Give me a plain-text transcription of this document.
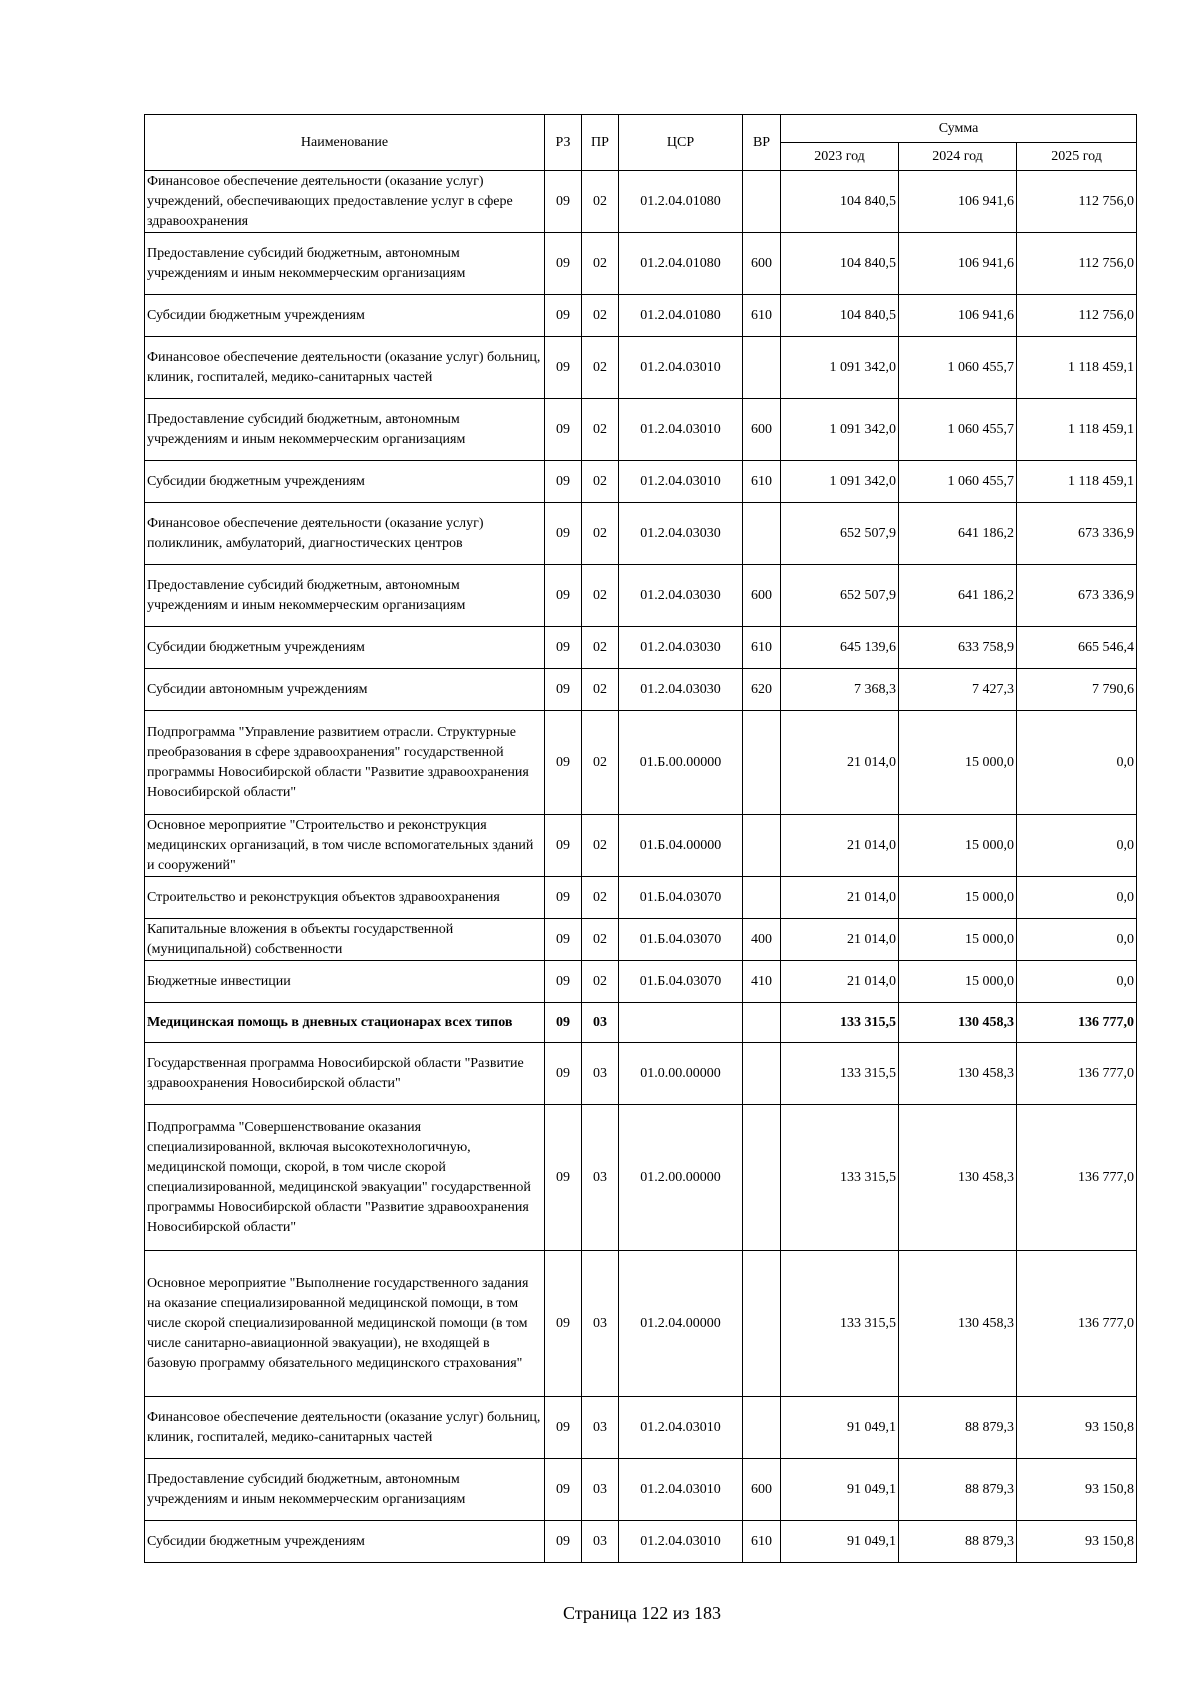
Наименование	РЗ	ПР	ЦСР	ВР	Сумма		
					2023 год	2024 год	2025 год
Финансовое обеспечение деятельности (оказание услуг) учреждений, обеспечивающих предоставление услуг в сфере здравоохранения	09	02	01.2.04.01080		104 840,5	106 941,6	112 756,0
Предоставление субсидий бюджетным, автономным учреждениям и иным некоммерческим организациям	09	02	01.2.04.01080	600	104 840,5	106 941,6	112 756,0
Субсидии бюджетным учреждениям	09	02	01.2.04.01080	610	104 840,5	106 941,6	112 756,0
Финансовое обеспечение деятельности (оказание услуг) больниц, клиник, госпиталей, медико-санитарных частей	09	02	01.2.04.03010		1 091 342,0	1 060 455,7	1 118 459,1
Предоставление субсидий бюджетным, автономным учреждениям и иным некоммерческим организациям	09	02	01.2.04.03010	600	1 091 342,0	1 060 455,7	1 118 459,1
Субсидии бюджетным учреждениям	09	02	01.2.04.03010	610	1 091 342,0	1 060 455,7	1 118 459,1
Финансовое обеспечение деятельности (оказание услуг) поликлиник, амбулаторий, диагностических центров	09	02	01.2.04.03030		652 507,9	641 186,2	673 336,9
Предоставление субсидий бюджетным, автономным учреждениям и иным некоммерческим организациям	09	02	01.2.04.03030	600	652 507,9	641 186,2	673 336,9
Субсидии бюджетным учреждениям	09	02	01.2.04.03030	610	645 139,6	633 758,9	665 546,4
Субсидии автономным учреждениям	09	02	01.2.04.03030	620	7 368,3	7 427,3	7 790,6
Подпрограмма "Управление развитием отрасли. Структурные преобразования в сфере здравоохранения" государственной программы Новосибирской области "Развитие здравоохранения Новосибирской области"	09	02	01.Б.00.00000		21 014,0	15 000,0	0,0
Основное мероприятие "Строительство и реконструкция медицинских организаций, в том числе вспомогательных зданий и сооружений"	09	02	01.Б.04.00000		21 014,0	15 000,0	0,0
Строительство и реконструкция объектов здравоохранения	09	02	01.Б.04.03070		21 014,0	15 000,0	0,0
Капитальные вложения в объекты государственной (муниципальной) собственности	09	02	01.Б.04.03070	400	21 014,0	15 000,0	0,0
Бюджетные инвестиции	09	02	01.Б.04.03070	410	21 014,0	15 000,0	0,0
Медицинская помощь в дневных стационарах всех типов	09	03			133 315,5	130 458,3	136 777,0
Государственная программа Новосибирской области "Развитие здравоохранения Новосибирской области"	09	03	01.0.00.00000		133 315,5	130 458,3	136 777,0
Подпрограмма "Совершенствование оказания специализированной, включая высокотехнологичную, медицинской помощи, скорой, в том числе скорой специализированной, медицинской эвакуации" государственной программы Новосибирской области "Развитие здравоохранения Новосибирской области"	09	03	01.2.00.00000		133 315,5	130 458,3	136 777,0
Основное мероприятие "Выполнение государственного задания на оказание специализированной медицинской помощи, в том числе скорой специализированной медицинской помощи (в том числе санитарно-авиационной эвакуации), не входящей в базовую программу обязательного медицинского страхования"	09	03	01.2.04.00000		133 315,5	130 458,3	136 777,0
Финансовое обеспечение деятельности (оказание услуг) больниц, клиник, госпиталей, медико-санитарных частей	09	03	01.2.04.03010		91 049,1	88 879,3	93 150,8
Предоставление субсидий бюджетным, автономным учреждениям и иным некоммерческим организациям	09	03	01.2.04.03010	600	91 049,1	88 879,3	93 150,8
Субсидии бюджетным учреждениям	09	03	01.2.04.03010	610	91 049,1	88 879,3	93 150,8
Страница 122 из 183
